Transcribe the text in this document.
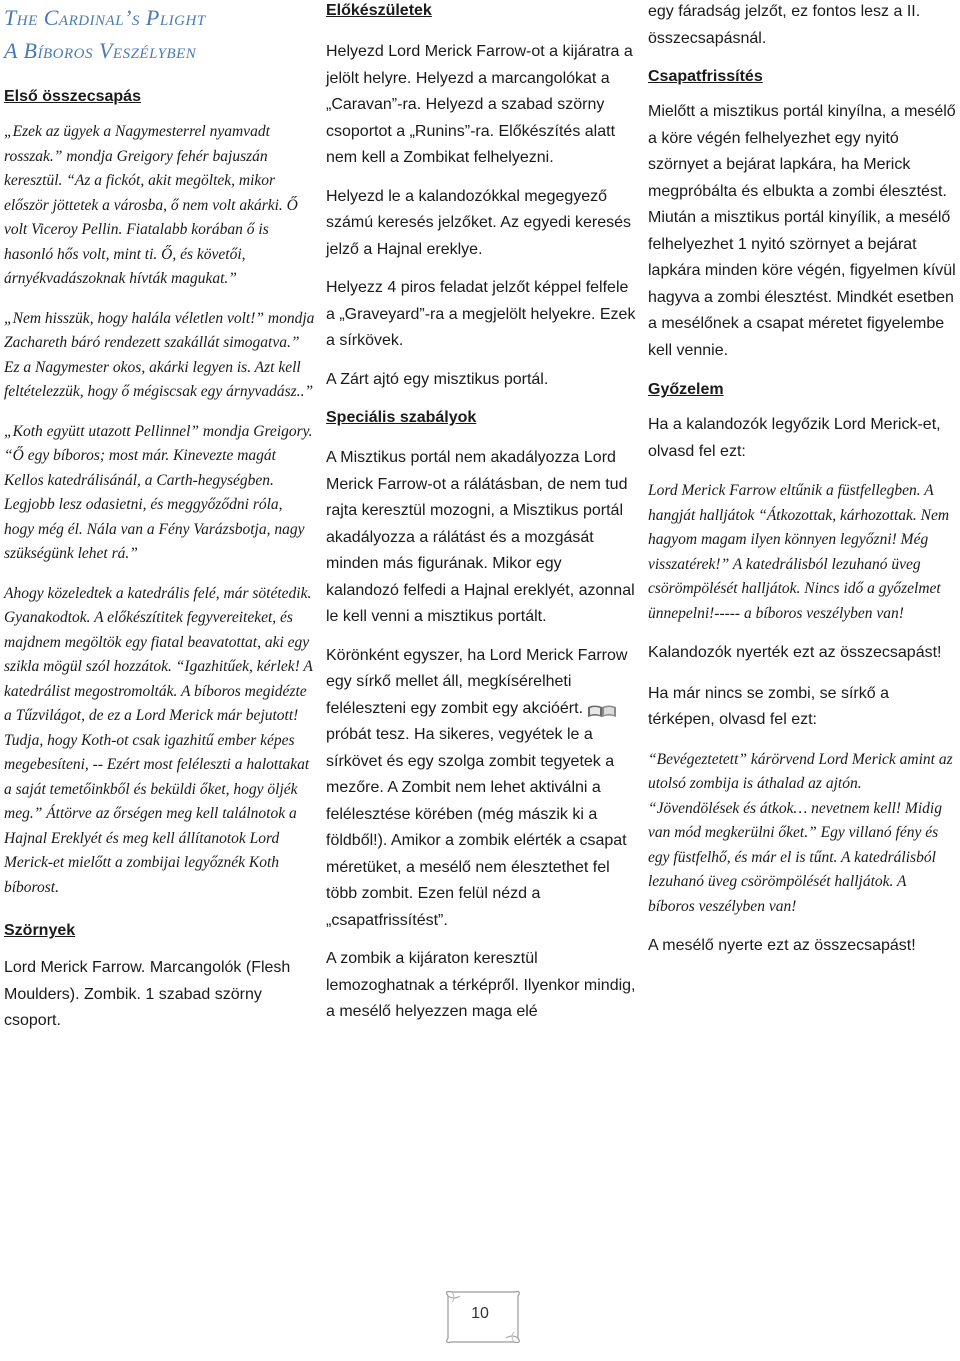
The Cardinal’s Plight

A Bíboros Veszélyben

Első összecsapás

„Ezek az ügyek a Nagymesterrel nyamvadt rosszak.” mondja Greigory fehér bajuszán keresztül. “Az a fickót, akit megöltek, mikor először jöttetek a városba, ő nem volt akárki. Ő volt Viceroy Pellin. Fiatalabb korában ő is hasonló hős volt, mint ti. Ő, és követői, árnyékvadászoknak hívták magukat.”

„Nem hisszük, hogy halála véletlen volt!” mondja Zachareth báró rendezett szakállát simogatva.” Ez a Nagymester okos, akárki legyen is. Azt kell feltételezzük, hogy ő mégiscsak egy árnyvadász..”

„Koth együtt utazott Pellinnel” mondja Greigory. “Ő egy bíboros; most már. Kinevezte magát Kellos katedrálisánál, a Carth-hegységben. Legjobb lesz odasietni, és meggyőződni róla, hogy még él. Nála van a Fény Varázsbotja, nagy szükségünk lehet rá.”

Ahogy közeledtek a katedrális felé, már sötétedik. Gyanakodtok. A előkészítitek fegyvereiteket, és majdnem megöltök egy fiatal beavatottat, aki egy szikla mögül szól hozzátok. “Igazhitűek, kérlek! A katedrálist megostromolták. A bíboros megidézte a Tűzvilágot, de ez a Lord Merick már bejutott! Tudja, hogy Koth-ot csak igazhitű ember képes megebesíteni, -- Ezért most feléleszti a halottakat a saját temetőinkből és beküldi őket, hogy öljék meg.” Áttörve az őrségen meg kell találnotok a Hajnal Ereklyét és meg kell állítanotok Lord Merick-et mielőtt a zombijai legyőznék Koth bíborost.

Szörnyek

Lord Merick Farrow. Marcangolók (Flesh Moulders). Zombik. 1 szabad szörny csoport.

Előkészületek

Helyezd Lord Merick Farrow-ot a kijáratra a jelölt helyre. Helyezd a marcangolókat a „Caravan”-ra. Helyezd a szabad szörny csoportot a „Runins”-ra. Előkészítés alatt nem kell a Zombikat felhelyezni.

Helyezd le a kalandozókkal megegyező számú keresés jelzőket. Az egyedi keresés jelző a Hajnal ereklye.

Helyezz 4 piros feladat jelzőt képpel felfele a „Graveyard”-ra a megjelölt helyekre. Ezek a sírkövek.

A Zárt ajtó egy misztikus portál.

Speciális szabályok

A Misztikus portál nem akadályozza Lord Merick Farrow-ot a rálátásban, de nem tud rajta keresztül mozogni, a Misztikus portál akadályozza a rálátást és a mozgását minden más figurának. Mikor egy kalandozó felfedi a Hajnal ereklyét, azonnal le kell venni a misztikus portált.

Körönként egyszer, ha Lord Merick Farrow egy sírkő mellet áll, megkísérelheti feléleszteni egy zombit egy akcióért.  próbát tesz. Ha sikeres, vegyétek le a sírkövet és egy szolga zombit tegyetek a mezőre. A Zombit nem lehet aktiválni a felélesztése körében (még mászik ki a földből!). Amikor a zombik elérték a csapat méretüket, a mesélő nem élesztethet fel több zombit. Ezen felül nézd a „csapatfrissítést”.

A zombik a kijáraton keresztül lemozoghatnak a térképről. Ilyenkor mindig, a mesélő helyezzen maga elé

egy fáradság jelzőt, ez fontos lesz a II. összecsapásnál.

Csapatfrissítés

Mielőtt a misztikus portál kinyílna, a mesélő a köre végén felhelyezhet egy nyitó szörnyet a bejárat lapkára, ha Merick megpróbálta és elbukta a zombi élesztést. Miután a misztikus portál kinyílik, a mesélő felhelyezhet 1 nyitó szörnyet a bejárat lapkára minden köre végén, figyelmen kívül hagyva a zombi élesztést. Mindkét esetben a mesélőnek a csapat méretet figyelembe kell vennie.

Győzelem

Ha a kalandozók legyőzik Lord Merick-et, olvasd fel ezt:

Lord Merick Farrow eltűnik a füstfellegben. A hangját halljátok “Átkozottak, kárhozottak. Nem hagyom magam ilyen könnyen legyőzni! Még visszatérek!” A katedrálisból lezuhanó üveg csörömpölését halljátok. Nincs idő a győzelmet ünnepelni!----- a bíboros veszélyben van!

Kalandozók nyerték ezt az összecsapást!

Ha már nincs se zombi, se sírkő a térképen, olvasd fel ezt:

“Bevégeztetett” kárörvend Lord Merick amint az utolsó zombija is áthalad az ajtón. “Jövendölések és átkok… nevetnem kell! Midig van mód megkerülni őket.” Egy villanó fény és egy füstfelhő, és már el is tűnt. A katedrálisból lezuhanó üveg csörömpölését halljátok. A bíboros veszélyben van!

A mesélő nyerte ezt az összecsapást!

10
